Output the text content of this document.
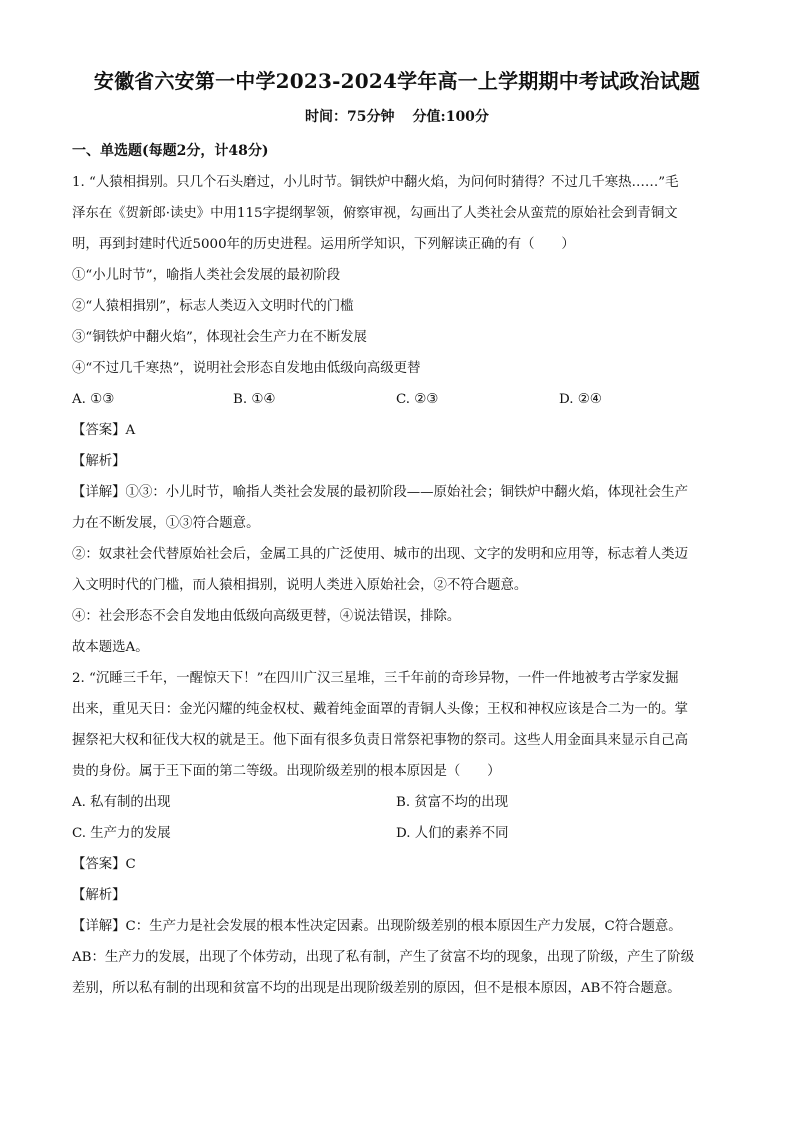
安徽省六安第一中学2023-2024学年高一上学期期中考试政治试题
时间：75分钟 分值:100分
一、单选题(每题2分，计48分)
1. “人猿相揖别。只几个石头磨过，小儿时节。铜铁炉中翻火焰，为问何时猜得？不过几千寒热……”毛
泽东在《贺新郎·读史》中用115字提纲挈领，俯察审视，勾画出了人类社会从蛮荒的原始社会到青铜文
明，再到封建时代近5000年的历史进程。运用所学知识，下列解读正确的有（　　）
①“小儿时节”，喻指人类社会发展的最初阶段
②“人猿相揖别”，标志人类迈入文明时代的门槛
③“铜铁炉中翻火焰”，体现社会生产力在不断发展
④“不过几千寒热”，说明社会形态自发地由低级向高级更替
A. ①③	B. ①④	C. ②③	D. ②④
【答案】A
【解析】
【详解】①③：小儿时节，喻指人类社会发展的最初阶段——原始社会；铜铁炉中翻火焰，体现社会生产
力在不断发展，①③符合题意。
②：奴隶社会代替原始社会后，金属工具的广泛使用、城市的出现、文字的发明和应用等，标志着人类迈
入文明时代的门槛，而人猿相揖别，说明人类进入原始社会，②不符合题意。
④：社会形态不会自发地由低级向高级更替，④说法错误，排除。
故本题选A。
2. “沉睡三千年，一醒惊天下！”在四川广汉三星堆，三千年前的奇珍异物，一件一件地被考古学家发掘
出来，重见天日：金光闪耀的纯金权杖、戴着纯金面罩的青铜人头像；王权和神权应该是合二为一的。掌
握祭祀大权和征伐大权的就是王。他下面有很多负责日常祭祀事物的祭司。这些人用金面具来显示自己高
贵的身份。属于王下面的第二等级。出现阶级差别的根本原因是（　　）
A. 私有制的出现	B. 贫富不均的出现
C. 生产力的发展	D. 人们的素养不同
【答案】C
【解析】
【详解】C：生产力是社会发展的根本性决定因素。出现阶级差别的根本原因生产力发展，C符合题意。
AB：生产力的发展，出现了个体劳动，出现了私有制，产生了贫富不均的现象，出现了阶级，产生了阶级
差别，所以私有制的出现和贫富不均的出现是出现阶级差别的原因，但不是根本原因，AB不符合题意。
